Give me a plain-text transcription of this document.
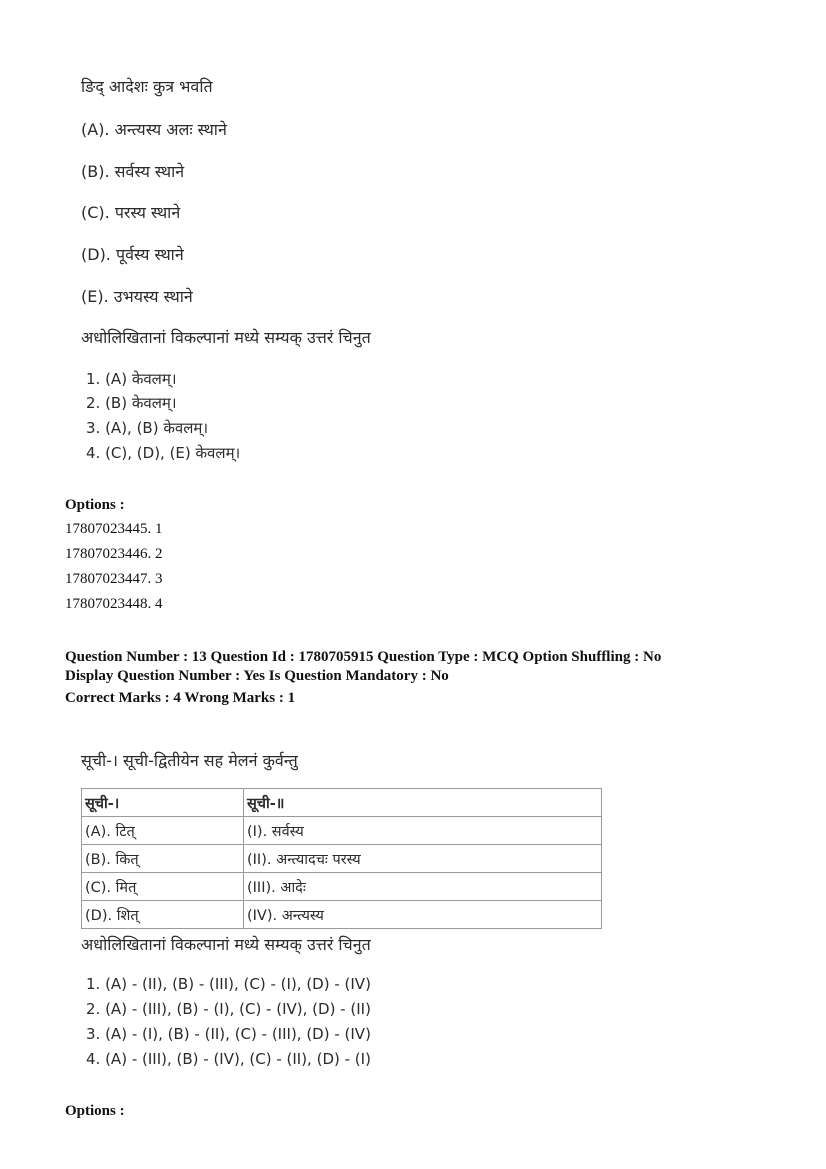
ङिद् आदेशः कुत्र भवति
(A). अन्त्यस्य अलः स्थाने
(B). सर्वस्य स्थाने
(C). परस्य स्थाने
(D). पूर्वस्य स्थाने
(E). उभयस्य स्थाने
अधोलिखितानां विकल्पानां मध्ये सम्यक् उत्तरं चिनुत
1. (A) केवलम्।
2. (B) केवलम्।
3. (A), (B) केवलम्।
4. (C), (D), (E) केवलम्।
Options :
17807023445. 1
17807023446. 2
17807023447. 3
17807023448. 4
Question Number : 13 Question Id : 1780705915 Question Type : MCQ Option Shuffling : No
Display Question Number : Yes Is Question Mandatory : No
Correct Marks : 4 Wrong Marks : 1
सूची-। सूची-द्वितीयेन सह मेलनं कुर्वन्तु
सूची-।	सूची-॥
(A). टित्	(I). सर्वस्य
(B). कित्	(II). अन्त्यादचः परस्य
(C). मित्	(III). आदेः
(D). शित्	(IV). अन्त्यस्य
अधोलिखितानां विकल्पानां मध्ये सम्यक् उत्तरं चिनुत
1. (A) - (II), (B) - (III), (C) - (I), (D) - (IV)
2. (A) - (III), (B) - (I), (C) - (IV), (D) - (II)
3. (A) - (I), (B) - (II), (C) - (III), (D) - (IV)
4. (A) - (III), (B) - (IV), (C) - (II), (D) - (I)
Options :
